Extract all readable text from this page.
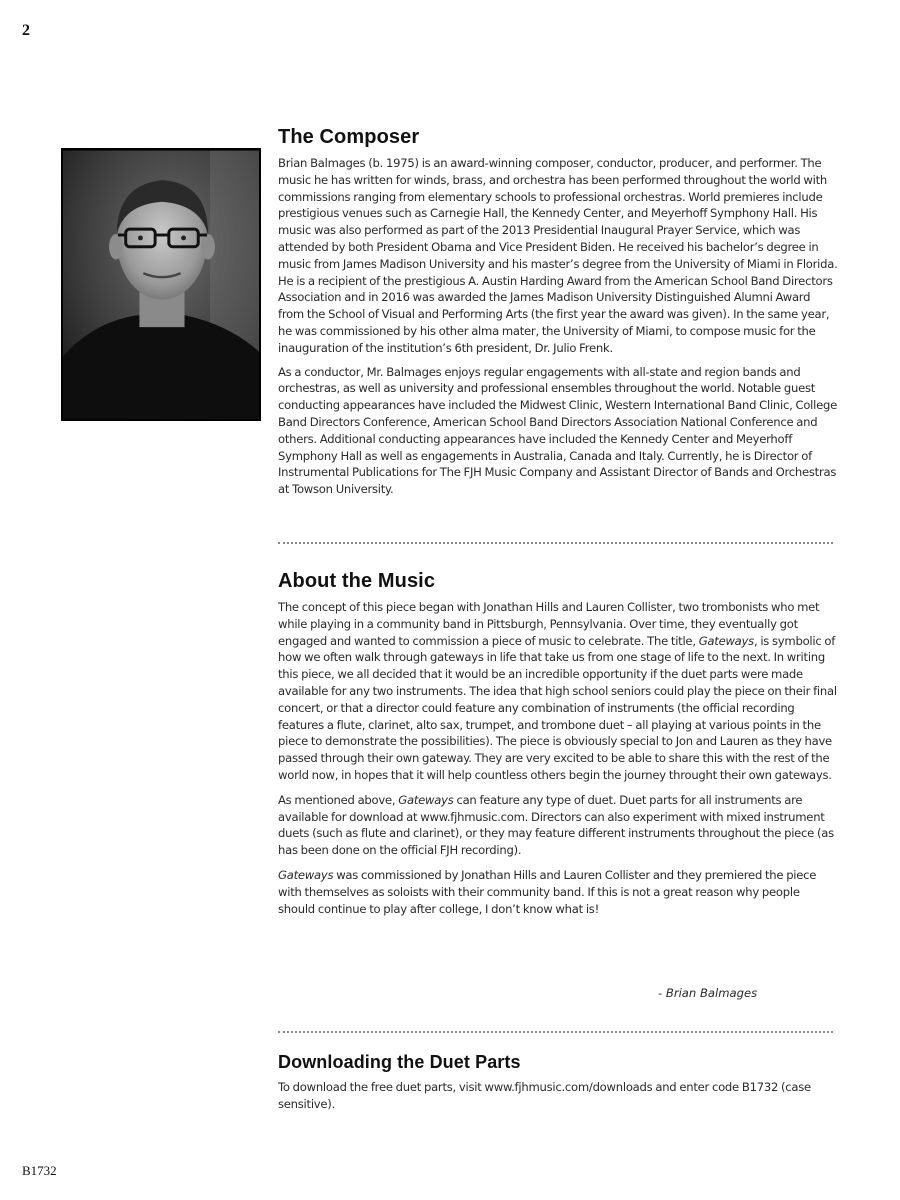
2
The Composer

Brian Balmages (b. 1975) is an award-winning composer, conductor, producer, and performer. The music he has written for winds, brass, and orchestra has been performed throughout the world with commissions ranging from elementary schools to professional orchestras. World premieres include prestigious venues such as Carnegie Hall, the Kennedy Center, and Meyerhoff Symphony Hall. His music was also performed as part of the 2013 Presidential Inaugural Prayer Service, which was attended by both President Obama and Vice President Biden. He received his bachelor’s degree in music from James Madison University and his master’s degree from the University of Miami in Florida. He is a recipient of the prestigious A. Austin Harding Award from the American School Band Directors Association and in 2016 was awarded the James Madison University Distinguished Alumni Award from the School of Visual and Performing Arts (the first year the award was given). In the same year, he was commissioned by his other alma mater, the University of Miami, to compose music for the inauguration of the institution’s 6th president, Dr. Julio Frenk.

As a conductor, Mr. Balmages enjoys regular engagements with all-state and region bands and orchestras, as well as university and professional ensembles throughout the world. Notable guest conducting appearances have included the Midwest Clinic, Western International Band Clinic, College Band Directors Conference, American School Band Directors Association National Conference and others. Additional conducting appearances have included the Kennedy Center and Meyerhoff Symphony Hall as well as engagements in Australia, Canada and Italy. Currently, he is Director of Instrumental Publications for The FJH Music Company and Assistant Director of Bands and Orchestras at Towson University.

About the Music

The concept of this piece began with Jonathan Hills and Lauren Collister, two trombonists who met while playing in a community band in Pittsburgh, Pennsylvania. Over time, they eventually got engaged and wanted to commission a piece of music to celebrate. The title, Gateways, is symbolic of how we often walk through gateways in life that take us from one stage of life to the next. In writing this piece, we all decided that it would be an incredible opportunity if the duet parts were made available for any two instruments. The idea that high school seniors could play the piece on their final concert, or that a director could feature any combination of instruments (the official recording features a flute, clarinet, alto sax, trumpet, and trombone duet – all playing at various points in the piece to demonstrate the possibilities). The piece is obviously special to Jon and Lauren as they have passed through their own gateway. They are very excited to be able to share this with the rest of the world now, in hopes that it will help countless others begin the journey throught their own gateways.

As mentioned above, Gateways can feature any type of duet. Duet parts for all instruments are available for download at www.fjhmusic.com. Directors can also experiment with mixed instrument duets (such as flute and clarinet), or they may feature different instruments throughout the piece (as has been done on the official FJH recording).

Gateways was commissioned by Jonathan Hills and Lauren Collister and they premiered the piece with themselves as soloists with their community band. If this is not a great reason why people should continue to play after college, I don’t know what is!

- Brian Balmages
Downloading the Duet Parts

To download the free duet parts, visit www.fjhmusic.com/downloads and enter code B1732 (case sensitive).

B1732
